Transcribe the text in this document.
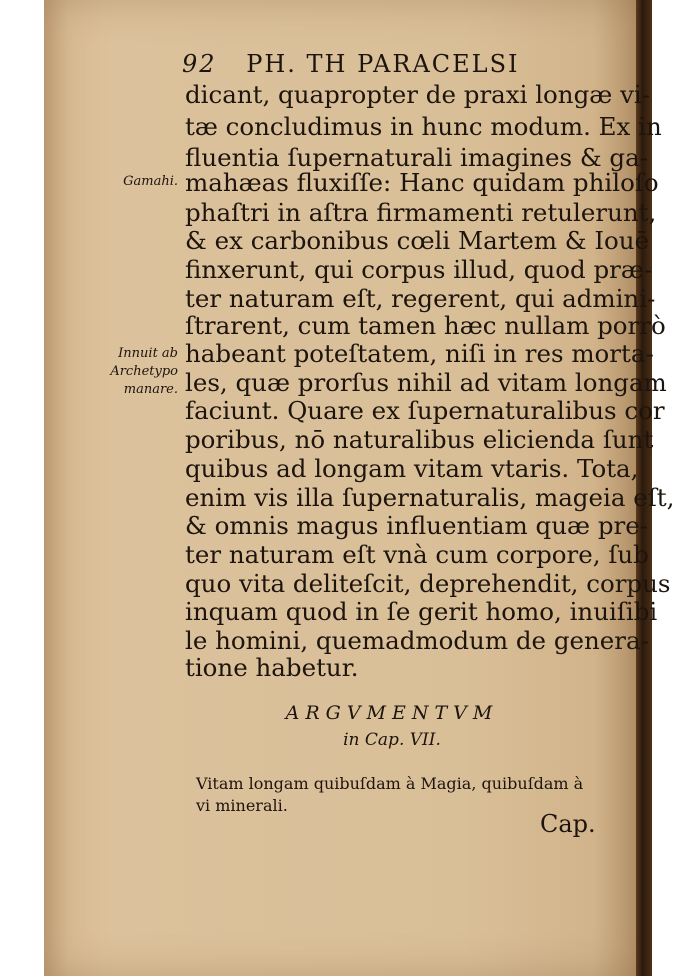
92 PH. TH PARACELSI
Gamahi.
Innuit ab
Archetypo
manare.
dicant, quapropter de praxi longæ vi-
tæ concludimus in hunc modum. Ex in
fluentia ſupernaturali imagines & ga-
mahæas fluxiſſe: Hanc quidam philoſo
phaſtri in aſtra firmamenti retulerunt,
& ex carbonibus cœli Martem & Iouē
finxerunt, qui corpus illud, quod præ-
ter naturam eſt, regerent, qui admini-
ſtrarent, cum tamen hæc nullam porrò
habeant poteſtatem, niſi in res morta-
les, quæ prorſus nihil ad vitam longam
faciunt. Quare ex ſupernaturalibus cor
poribus, nō naturalibus elicienda ſunt
quibus ad longam vitam vtaris. Tota,
enim vis illa ſupernaturalis, mageia eſt,
& omnis magus influentiam quæ pre-
ter naturam eſt vnà cum corpore, ſub
quo vita deliteſcit, deprehendit, corpus
inquam quod in ſe gerit homo, inuiſibi
le homini, quemadmodum de genera-
tione habetur.
ARGVMENTVM
in Cap. VII.
Vitam longam quibuſdam à Magia, quibuſdam à
vi minerali.
Cap.
